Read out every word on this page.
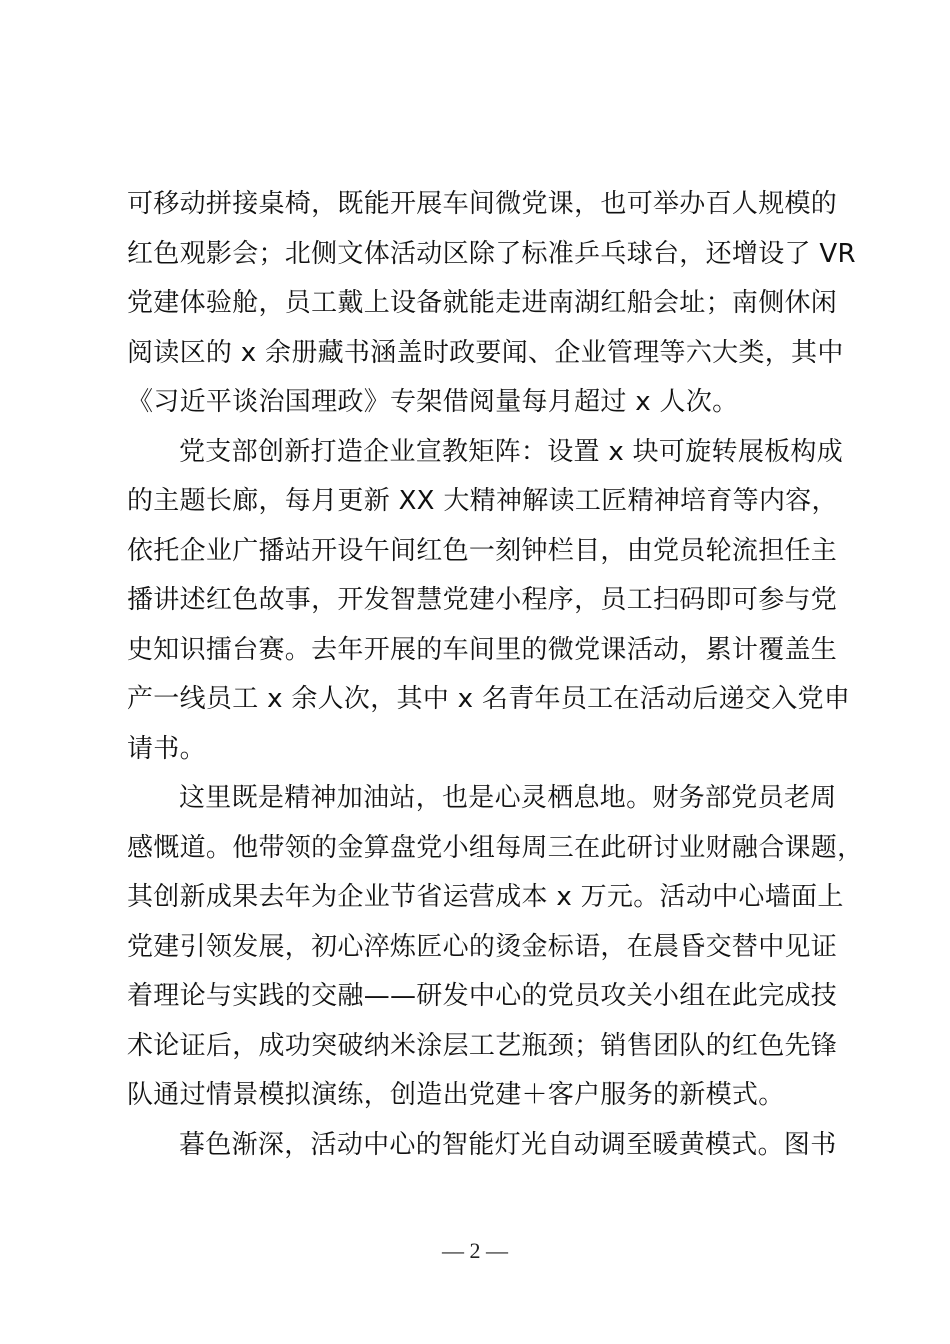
可移动拼接桌椅，既能开展车间微党课，也可举办百人规模的
红色观影会；北侧文体活动区除了标准乒乓球台，还增设了 VR
党建体验舱，员工戴上设备就能走进南湖红船会址；南侧休闲
阅读区的 x 余册藏书涵盖时政要闻、企业管理等六大类，其中
《习近平谈治国理政》专架借阅量每月超过 x 人次。
党支部创新打造企业宣教矩阵：设置 x 块可旋转展板构成
的主题长廊，每月更新 XX 大精神解读工匠精神培育等内容，
依托企业广播站开设午间红色一刻钟栏目，由党员轮流担任主
播讲述红色故事，开发智慧党建小程序，员工扫码即可参与党
史知识擂台赛。去年开展的车间里的微党课活动，累计覆盖生
产一线员工 x 余人次，其中 x 名青年员工在活动后递交入党申
请书。
这里既是精神加油站，也是心灵栖息地。财务部党员老周
感慨道。他带领的金算盘党小组每周三在此研讨业财融合课题，
其创新成果去年为企业节省运营成本 x 万元。活动中心墙面上
党建引领发展，初心淬炼匠心的烫金标语，在晨昏交替中见证
着理论与实践的交融——研发中心的党员攻关小组在此完成技
术论证后，成功突破纳米涂层工艺瓶颈；销售团队的红色先锋
队通过情景模拟演练，创造出党建＋客户服务的新模式。
暮色渐深，活动中心的智能灯光自动调至暖黄模式。图书
— 2 —
